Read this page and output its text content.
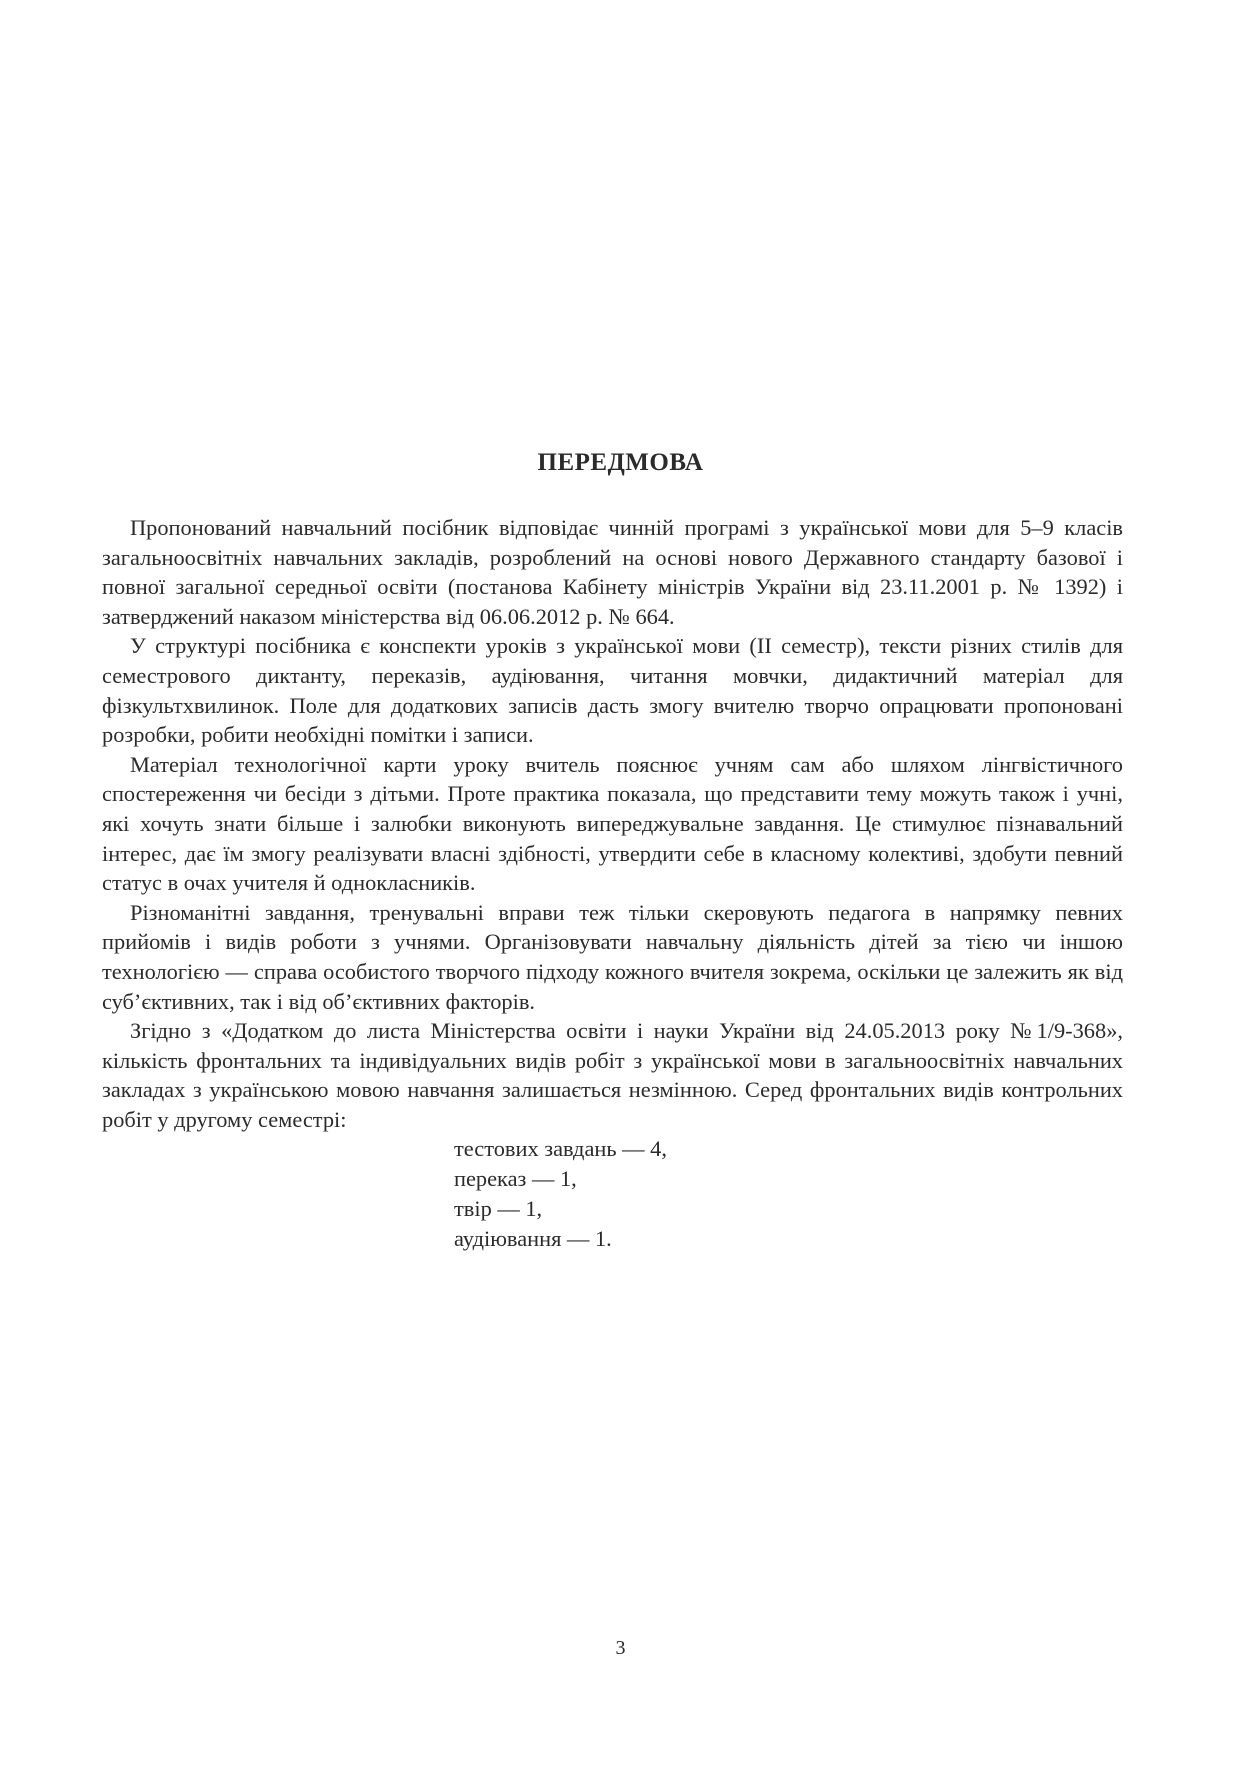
ПЕРЕДМОВА

Пропонований навчальний посібник відповідає чинній програмі з української мови для 5–9 класів загальноосвітніх навчальних закладів, розроблений на основі нового Державного стандарту базової і повної загальної середньої освіти (постанова Кабінету міністрів України від 23.11.2001 р. № 1392) і затверджений наказом міністерства від 06.06.2012 р. № 664.

У структурі посібника є конспекти уроків з української мови (ІІ семестр), тексти різних стилів для семестрового диктанту, переказів, аудіювання, читання мовчки, дидактичний матеріал для фізкультхвилинок. Поле для додаткових записів дасть змогу вчителю творчо опрацювати пропоновані розробки, робити необхідні помітки і записи.

Матеріал технологічної карти уроку вчитель пояснює учням сам або шляхом лінгвістичного спостереження чи бесіди з дітьми. Проте практика показала, що представити тему можуть також і учні, які хочуть знати більше і залюбки виконують випереджувальне завдання. Це стимулює пізнавальний інтерес, дає їм змогу реалізувати власні здібності, утвердити себе в класному колективі, здобути певний статус в очах учителя й однокласників.

Різноманітні завдання, тренувальні вправи теж тільки скеровують педагога в напрямку певних прийомів і видів роботи з учнями. Організовувати навчальну діяльність дітей за тією чи іншою технологією — справа особистого творчого підходу кожного вчителя зокрема, оскільки це залежить як від суб’єктивних, так і від об’єктивних факторів.

Згідно з «Додатком до листа Міністерства освіти і науки України від 24.05.2013 року №1/9-368», кількість фронтальних та індивідуальних видів робіт з української мови в загальноосвітніх навчальних закладах з українською мовою навчання залишається незмінною. Серед фронтальних видів контрольних робіт у другому семестрі:

тестових завдань — 4,
переказ — 1,
твір — 1,
аудіювання — 1.

3
